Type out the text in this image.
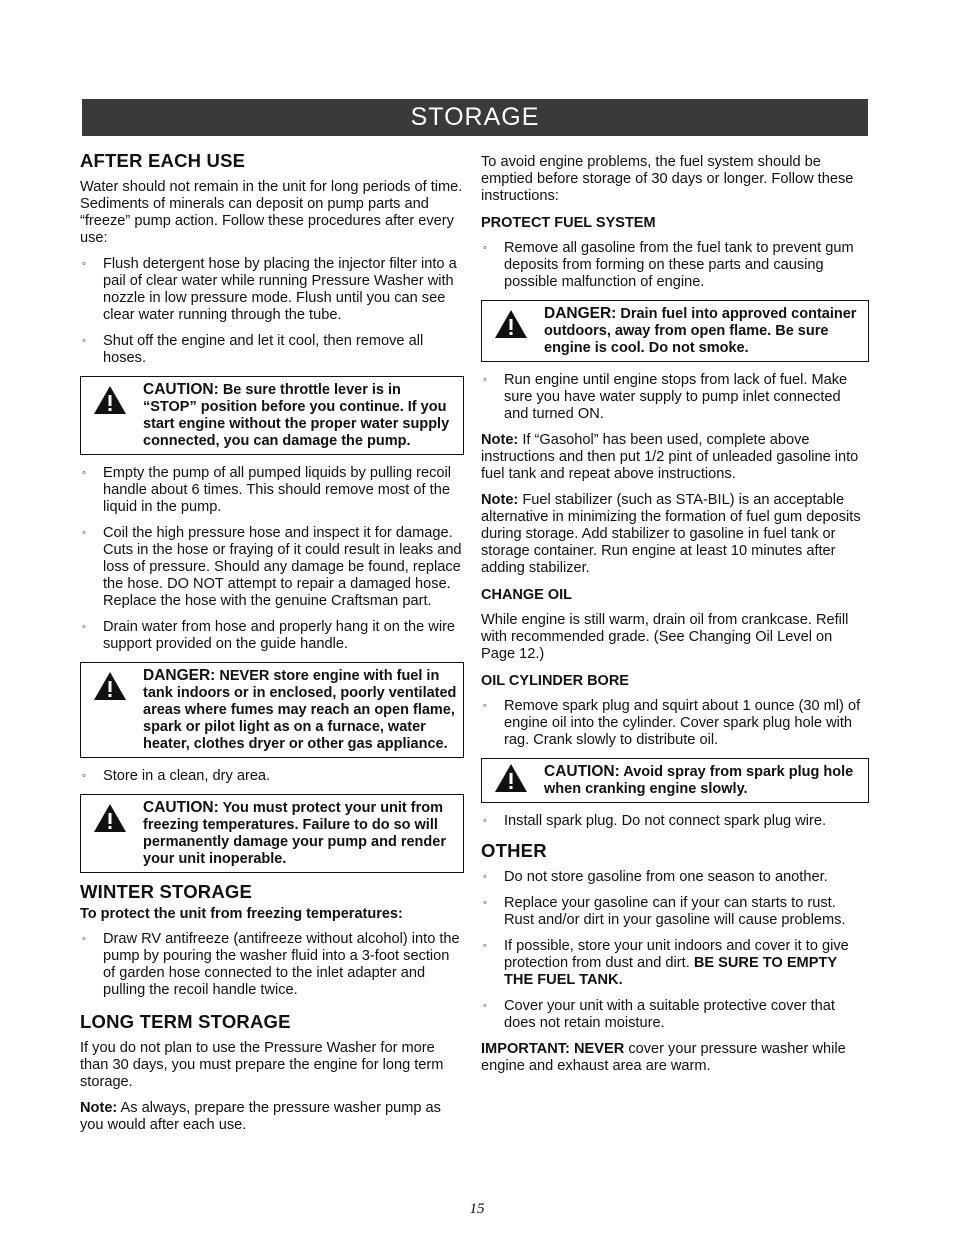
STORAGE
AFTER EACH USE

Water should not remain in the unit for long periods of time. Sediments of minerals can deposit on pump parts and “freeze” pump action. Follow these procedures after every use:

◦ Flush detergent hose by placing the injector filter into a pail of clear water while running Pressure Washer with nozzle in low pressure mode. Flush until you can see clear water running through the tube.
◦ Shut off the engine and let it cool, then remove all hoses.
CAUTION: Be sure throttle lever is in “STOP” position before you continue. If you start engine without the proper water supply connected, you can damage the pump.
◦ Empty the pump of all pumped liquids by pulling recoil handle about 6 times. This should remove most of the liquid in the pump.
◦ Coil the high pressure hose and inspect it for damage. Cuts in the hose or fraying of it could result in leaks and loss of pressure. Should any damage be found, replace the hose. DO NOT attempt to repair a damaged hose. Replace the hose with the genuine Craftsman part.
◦ Drain water from hose and properly hang it on the wire support provided on the guide handle.
DANGER: NEVER store engine with fuel in tank indoors or in enclosed, poorly ventilated areas where fumes may reach an open flame, spark or pilot light as on a furnace, water heater, clothes dryer or other gas appliance.
◦ Store in a clean, dry area.
CAUTION: You must protect your unit from freezing temperatures. Failure to do so will permanently damage your pump and render your unit inoperable.
WINTER STORAGE
To protect the unit from freezing temperatures:
◦ Draw RV antifreeze (antifreeze without alcohol) into the pump by pouring the washer fluid into a 3-foot section of garden hose connected to the inlet adapter and pulling the recoil handle twice.
LONG TERM STORAGE

If you do not plan to use the Pressure Washer for more than 30 days, you must prepare the engine for long term storage.

Note: As always, prepare the pressure washer pump as you would after each use.

To avoid engine problems, the fuel system should be emptied before storage of 30 days or longer. Follow these instructions:

PROTECT FUEL SYSTEM
◦ Remove all gasoline from the fuel tank to prevent gum deposits from forming on these parts and causing possible malfunction of engine.
DANGER: Drain fuel into approved container outdoors, away from open flame. Be sure engine is cool. Do not smoke.
◦ Run engine until engine stops from lack of fuel. Make sure you have water supply to pump inlet connected and turned ON.

Note: If “Gasohol” has been used, complete above instructions and then put 1/2 pint of unleaded gasoline into fuel tank and repeat above instructions.

Note: Fuel stabilizer (such as STA-BIL) is an acceptable alternative in minimizing the formation of fuel gum deposits during storage. Add stabilizer to gasoline in fuel tank or storage container. Run engine at least 10 minutes after adding stabilizer.

CHANGE OIL

While engine is still warm, drain oil from crankcase. Refill with recommended grade. (See Changing Oil Level on Page 12.)

OIL CYLINDER BORE
◦ Remove spark plug and squirt about 1 ounce (30 ml) of engine oil into the cylinder. Cover spark plug hole with rag. Crank slowly to distribute oil.
CAUTION: Avoid spray from spark plug hole when cranking engine slowly.
◦ Install spark plug. Do not connect spark plug wire.
OTHER
◦ Do not store gasoline from one season to another.
◦ Replace your gasoline can if your can starts to rust. Rust and/or dirt in your gasoline will cause problems.
◦ If possible, store your unit indoors and cover it to give protection from dust and dirt. BE SURE TO EMPTY THE FUEL TANK.
◦ Cover your unit with a suitable protective cover that does not retain moisture.

IMPORTANT: NEVER cover your pressure washer while engine and exhaust area are warm.

15
